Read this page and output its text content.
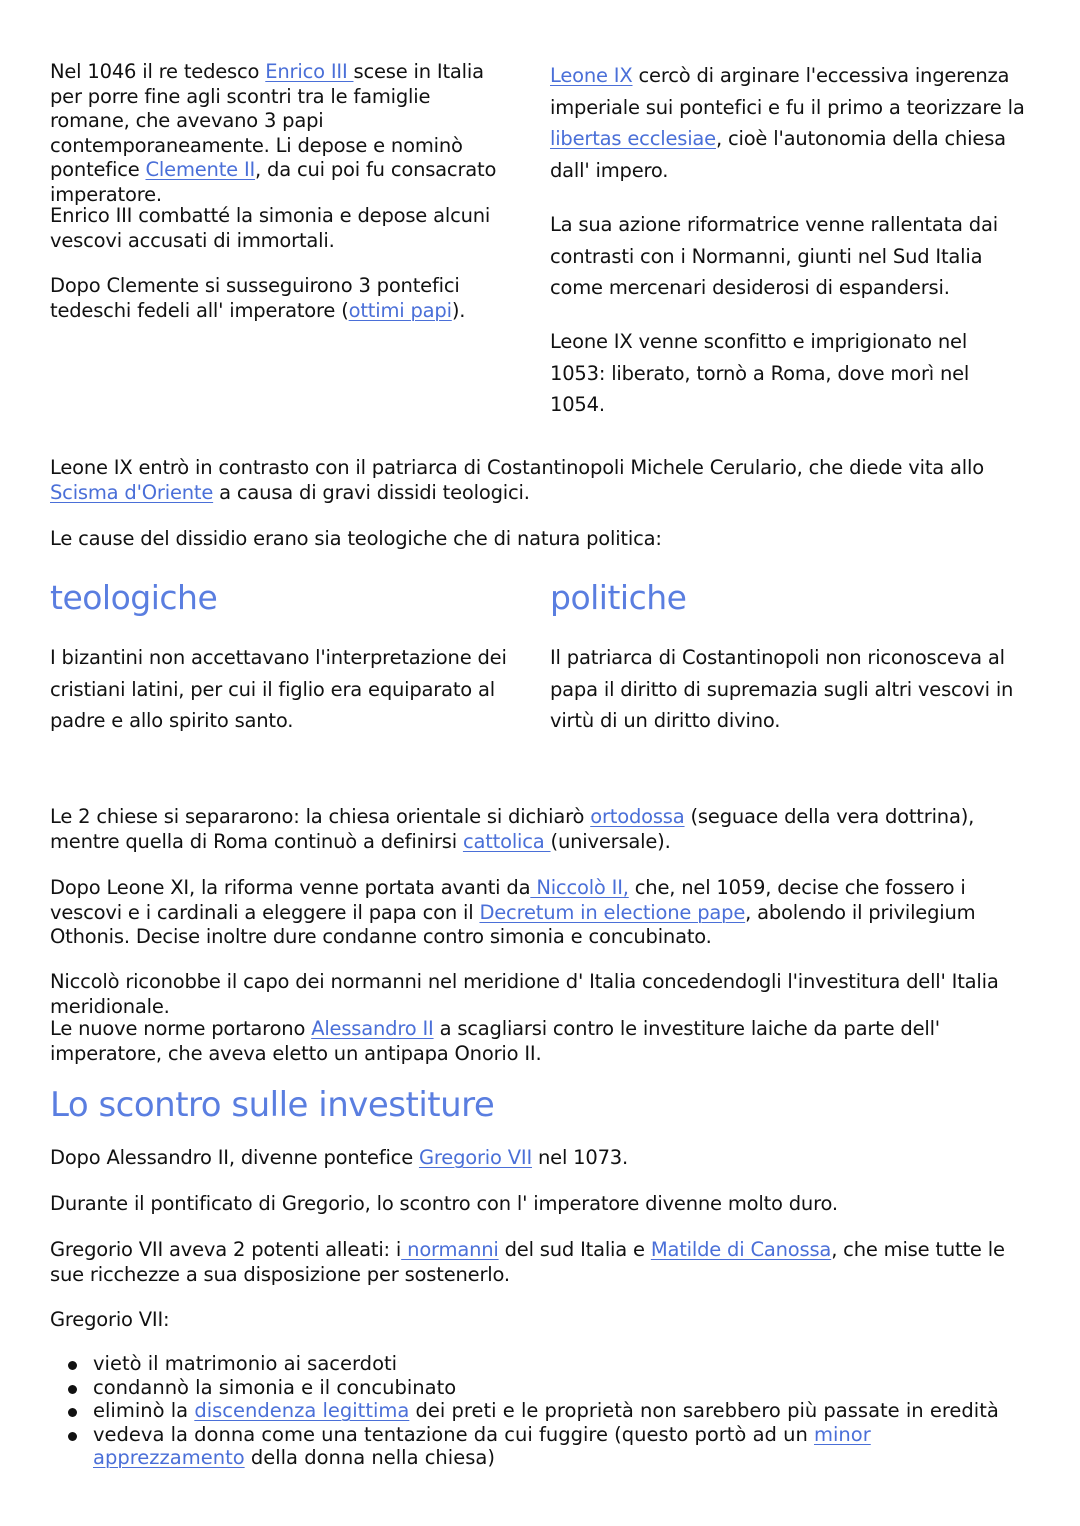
Nel 1046 il re tedesco Enrico III scese in Italia per porre fine agli scontri tra le famiglie romane, che avevano 3 papi contemporaneamente. Li depose e nominò pontefice Clemente II, da cui poi fu consacrato imperatore.
Enrico III combatté la simonia e depose alcuni vescovi accusati di immortali.
Dopo Clemente si susseguirono 3 pontefici tedeschi fedeli all' imperatore (ottimi papi).
Leone IX cercò di arginare l'eccessiva ingerenza imperiale sui pontefici e fu il primo a teorizzare la libertas ecclesiae, cioè l'autonomia della chiesa dall' impero.
La sua azione riformatrice venne rallentata dai contrasti con i Normanni, giunti nel Sud Italia come mercenari desiderosi di espandersi.
Leone IX venne sconfitto e imprigionato nel 1053: liberato, tornò a Roma, dove morì nel 1054.
Leone IX entrò in contrasto con il patriarca di Costantinopoli Michele Cerulario, che diede vita allo Scisma d'Oriente a causa di gravi dissidi teologici.
Le cause del dissidio erano sia teologiche che di natura politica:
teologiche	politiche
I bizantini non accettavano l'interpretazione dei cristiani latini, per cui il figlio era equiparato al padre e allo spirito santo.
Il patriarca di Costantinopoli non riconosceva al papa il diritto di supremazia sugli altri vescovi in virtù di un diritto divino.
Le 2 chiese si separarono: la chiesa orientale si dichiarò ortodossa (seguace della vera dottrina), mentre quella di Roma continuò a definirsi cattolica (universale).
Dopo Leone XI, la riforma venne portata avanti da Niccolò II, che, nel 1059, decise che fossero i vescovi e i cardinali a eleggere il papa con il Decretum in electione pape, abolendo il privilegium Othonis. Decise inoltre dure condanne contro simonia e concubinato.
Niccolò riconobbe il capo dei normanni nel meridione d' Italia concedendogli l'investitura dell' Italia meridionale.
Le nuove norme portarono Alessandro II a scagliarsi contro le investiture laiche da parte dell' imperatore, che aveva eletto un antipapa Onorio II.
Lo scontro sulle investiture
Dopo Alessandro II, divenne pontefice Gregorio VII nel 1073.
Durante il pontificato di Gregorio, lo scontro con l' imperatore divenne molto duro.
Gregorio VII aveva 2 potenti alleati: i normanni del sud Italia e Matilde di Canossa, che mise tutte le sue ricchezze a sua disposizione per sostenerlo.
Gregorio VII:
vietò il matrimonio ai sacerdoti
condannò la simonia e il concubinato
eliminò la discendenza legittima dei preti e le proprietà non sarebbero più passate in eredità
vedeva la donna come una tentazione da cui fuggire (questo portò ad un minor apprezzamento della donna nella chiesa)
